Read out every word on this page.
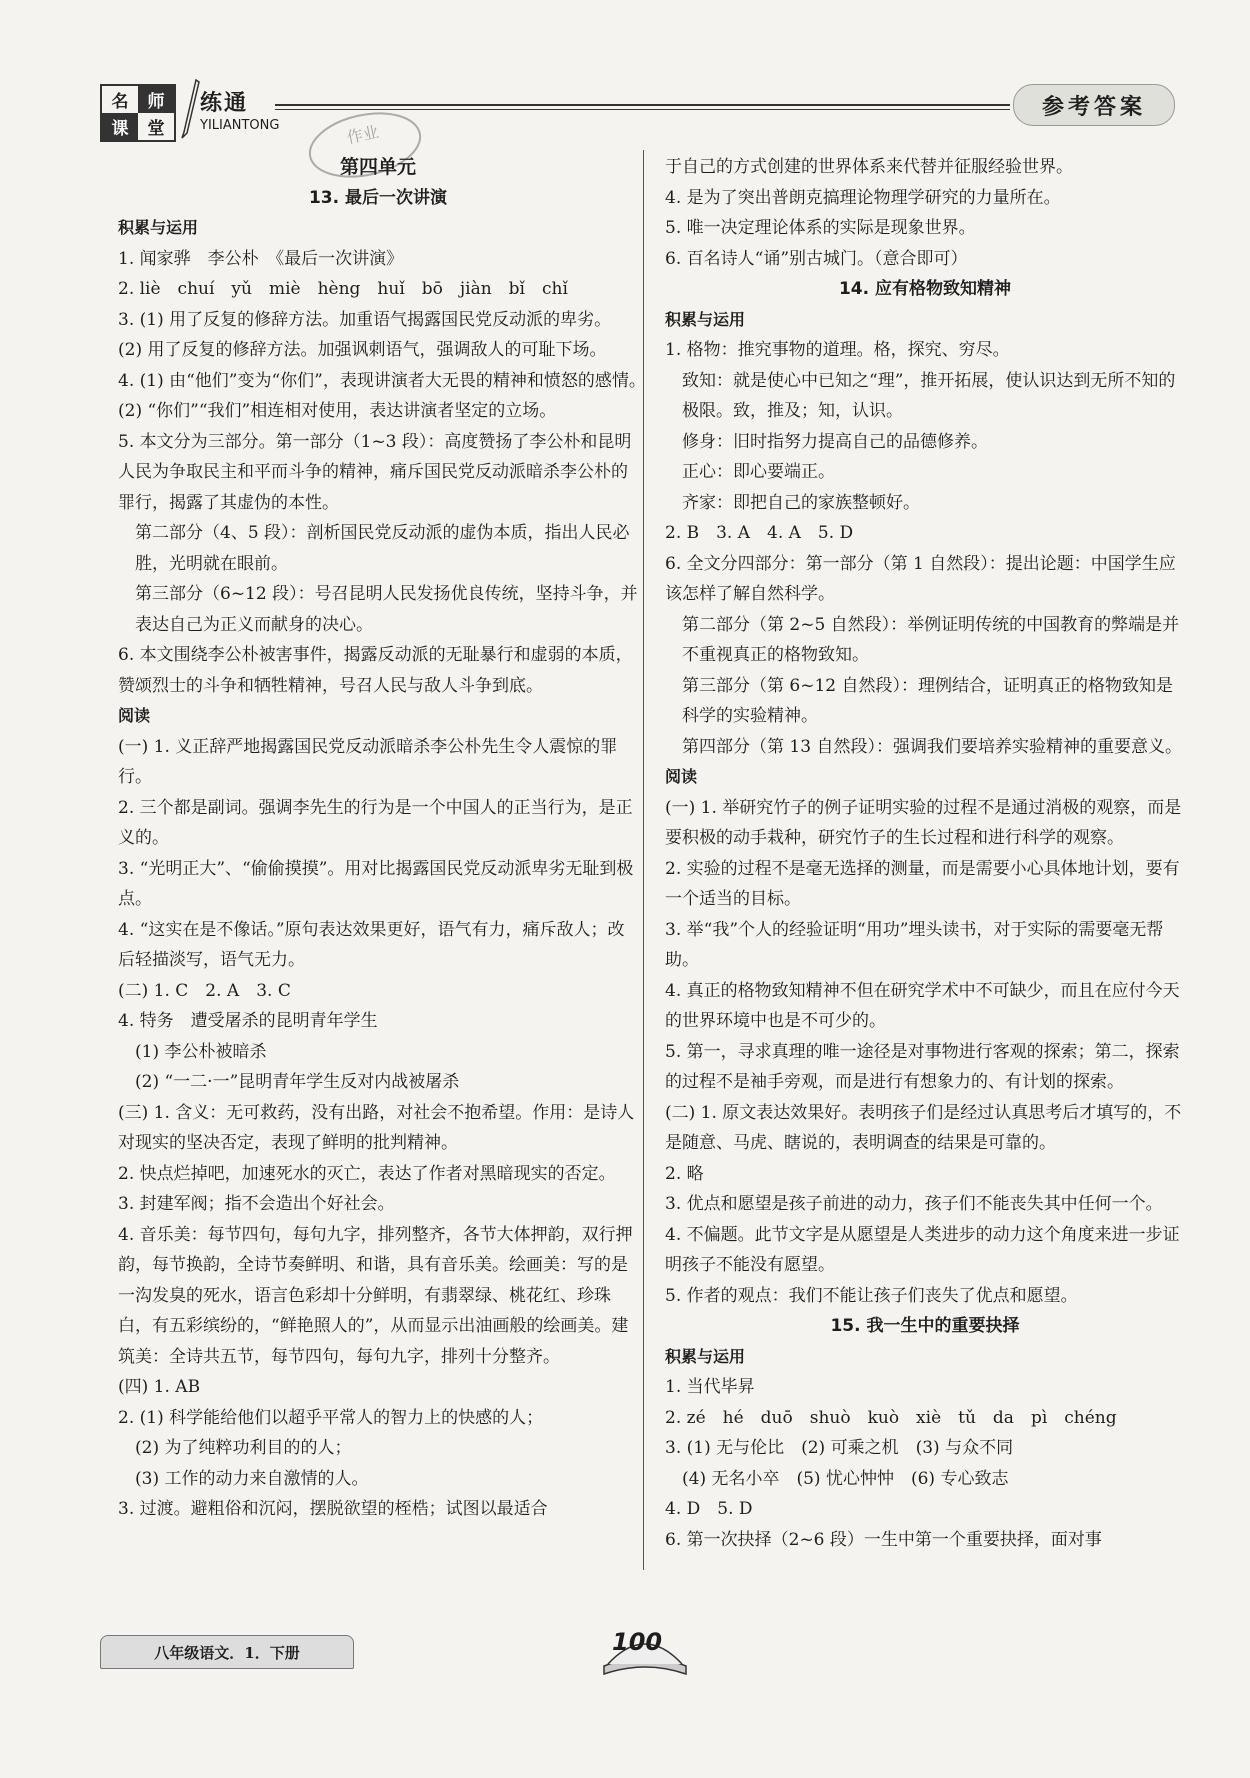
名	师
课	堂
练通
YILIANTONG
参考答案
作业
第四单元
13. 最后一次讲演
积累与运用
1. 闻家骅　李公朴　《最后一次讲演》
2. liè　chuí　yǔ　miè　hèng　huǐ　bō　jiàn　bǐ　chǐ
3. (1) 用了反复的修辞方法。加重语气揭露国民党反动派的卑劣。　(2) 用了反复的修辞方法。加强讽刺语气，强调敌人的可耻下场。
4. (1) 由“他们”变为“你们”，表现讲演者大无畏的精神和愤怒的感情。　(2) “你们”“我们”相连相对使用，表达讲演者坚定的立场。
5. 本文分为三部分。第一部分（1~3 段）：高度赞扬了李公朴和昆明人民为争取民主和平而斗争的精神，痛斥国民党反动派暗杀李公朴的罪行，揭露了其虚伪的本性。
第二部分（4、5 段）：剖析国民党反动派的虚伪本质，指出人民必胜，光明就在眼前。
第三部分（6~12 段）：号召昆明人民发扬优良传统，坚持斗争，并表达自己为正义而献身的决心。
6. 本文围绕李公朴被害事件，揭露反动派的无耻暴行和虚弱的本质，赞颂烈士的斗争和牺牲精神，号召人民与敌人斗争到底。
阅读
(一) 1. 义正辞严地揭露国民党反动派暗杀李公朴先生令人震惊的罪行。
2. 三个都是副词。强调李先生的行为是一个中国人的正当行为，是正义的。
3. “光明正大”、“偷偷摸摸”。用对比揭露国民党反动派卑劣无耻到极点。
4. “这实在是不像话。”原句表达效果更好，语气有力，痛斥敌人；改后轻描淡写，语气无力。
(二) 1. C　2. A　3. C
4. 特务　遭受屠杀的昆明青年学生
(1) 李公朴被暗杀
(2) “一二·一”昆明青年学生反对内战被屠杀
(三) 1. 含义：无可救药，没有出路，对社会不抱希望。作用：是诗人对现实的坚决否定，表现了鲜明的批判精神。
2. 快点烂掉吧，加速死水的灭亡，表达了作者对黑暗现实的否定。
3. 封建军阀；指不会造出个好社会。
4. 音乐美：每节四句，每句九字，排列整齐，各节大体押韵，双行押韵，每节换韵，全诗节奏鲜明、和谐，具有音乐美。绘画美：写的是一沟发臭的死水，语言色彩却十分鲜明，有翡翠绿、桃花红、珍珠白，有五彩缤纷的，“鲜艳照人的”，从而显示出油画般的绘画美。建筑美：全诗共五节，每节四句，每句九字，排列十分整齐。
(四) 1. AB
2. (1) 科学能给他们以超乎平常人的智力上的快感的人；
(2) 为了纯粹功利目的的人；
(3) 工作的动力来自激情的人。
3. 过渡。避粗俗和沉闷，摆脱欲望的桎梏；试图以最适合
于自己的方式创建的世界体系来代替并征服经验世界。
4. 是为了突出普朗克搞理论物理学研究的力量所在。
5. 唯一决定理论体系的实际是现象世界。
6. 百名诗人“诵”别古城门。（意合即可）
14. 应有格物致知精神
积累与运用
1. 格物：推究事物的道理。格，探究、穷尽。
致知：就是使心中已知之“理”，推开拓展，使认识达到无所不知的极限。致，推及；知，认识。
修身：旧时指努力提高自己的品德修养。
正心：即心要端正。
齐家：即把自己的家族整顿好。
2. B　3. A　4. A　5. D
6. 全文分四部分：第一部分（第 1 自然段）：提出论题：中国学生应该怎样了解自然科学。
第二部分（第 2~5 自然段）：举例证明传统的中国教育的弊端是并不重视真正的格物致知。
第三部分（第 6~12 自然段）：理例结合，证明真正的格物致知是科学的实验精神。
第四部分（第 13 自然段）：强调我们要培养实验精神的重要意义。
阅读
(一) 1. 举研究竹子的例子证明实验的过程不是通过消极的观察，而是要积极的动手栽种，研究竹子的生长过程和进行科学的观察。
2. 实验的过程不是毫无选择的测量，而是需要小心具体地计划，要有一个适当的目标。
3. 举“我”个人的经验证明“用功”埋头读书，对于实际的需要毫无帮助。
4. 真正的格物致知精神不但在研究学术中不可缺少，而且在应付今天的世界环境中也是不可少的。
5. 第一，寻求真理的唯一途径是对事物进行客观的探索；第二，探索的过程不是袖手旁观，而是进行有想象力的、有计划的探索。
(二) 1. 原文表达效果好。表明孩子们是经过认真思考后才填写的，不是随意、马虎、瞎说的，表明调查的结果是可靠的。
2. 略
3. 优点和愿望是孩子前进的动力，孩子们不能丧失其中任何一个。
4. 不偏题。此节文字是从愿望是人类进步的动力这个角度来进一步证明孩子不能没有愿望。
5. 作者的观点：我们不能让孩子们丧失了优点和愿望。
15. 我一生中的重要抉择
积累与运用
1. 当代毕昇
2. zé　hé　duō　shuò　kuò　xiè　tǔ　da　pì　chéng
3. (1) 无与伦比　(2) 可乘之机　(3) 与众不同
(4) 无名小卒　(5) 忧心忡忡　(6) 专心致志
4. D　5. D
6. 第一次抉择（2~6 段）一生中第一个重要抉择，面对事
八年级语文．1．下册	100
